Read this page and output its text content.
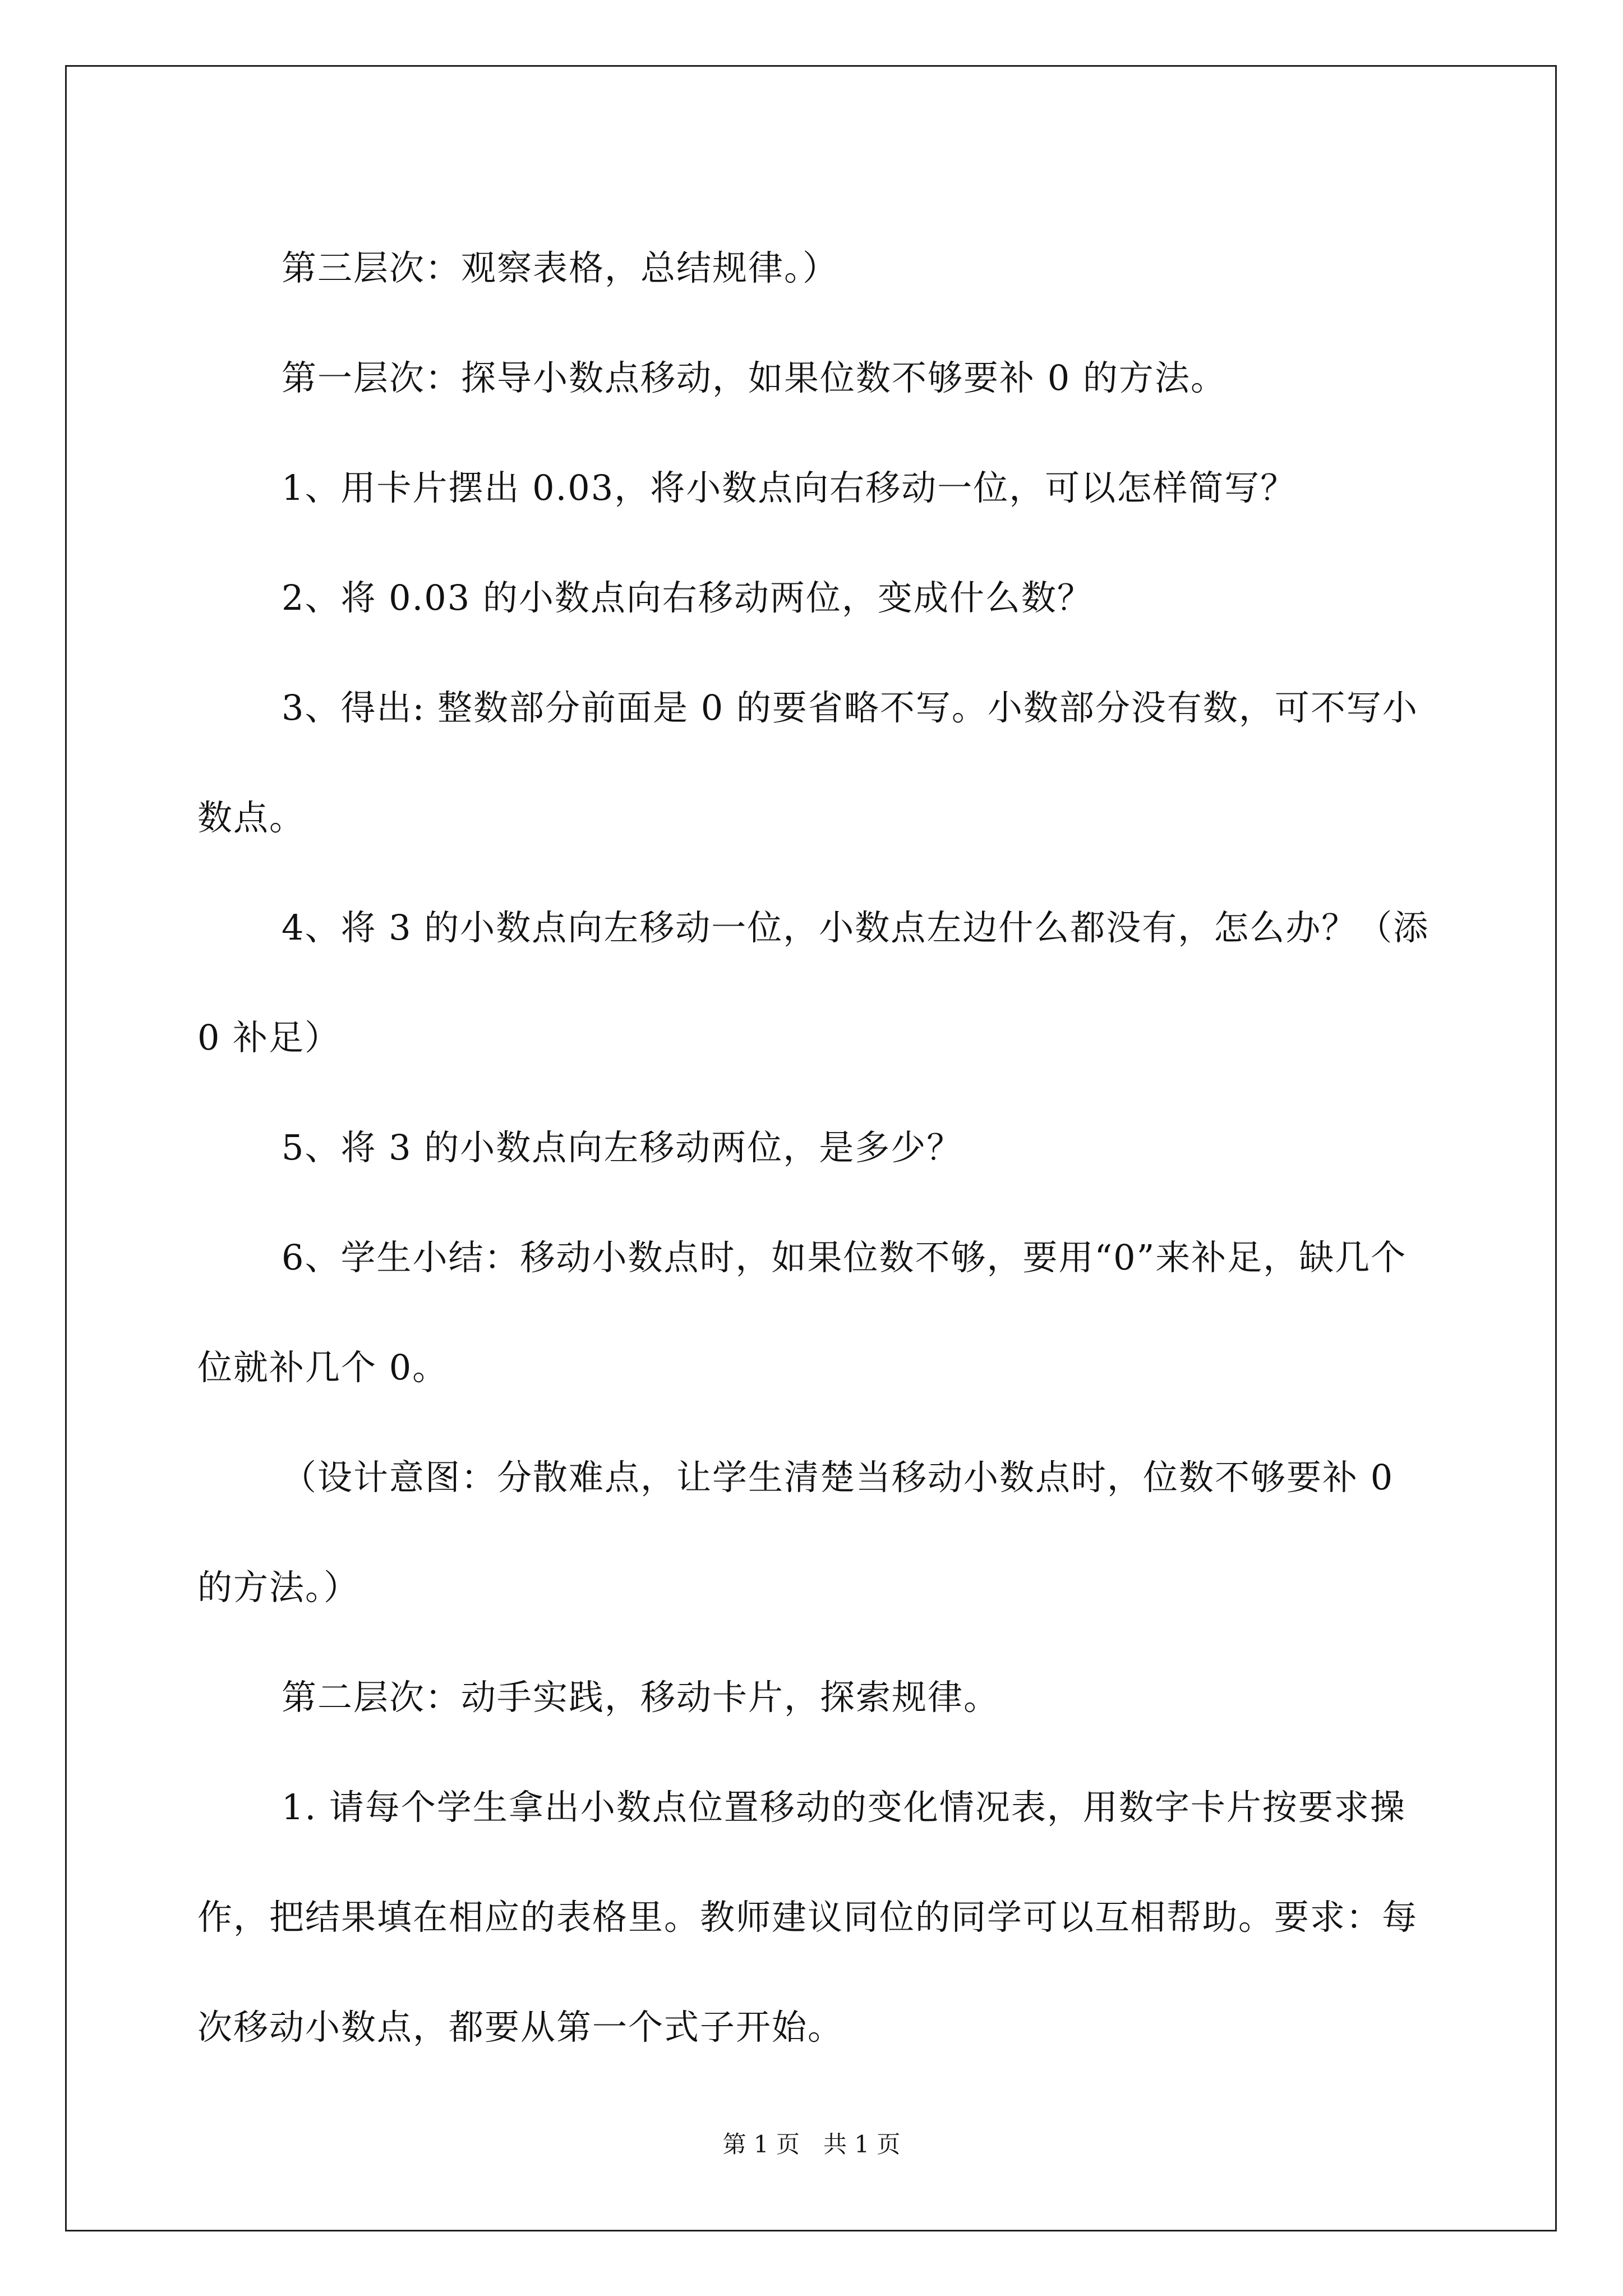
第三层次：观察表格，总结规律。）

第一层次：探导小数点移动，如果位数不够要补 0 的方法。

1、用卡片摆出 0.03，将小数点向右移动一位，可以怎样简写？

2、将 0.03 的小数点向右移动两位，变成什么数？

3、得出: 整数部分前面是 0 的要省略不写。小数部分没有数，可不写小数点。

4、将 3 的小数点向左移动一位，小数点左边什么都没有，怎么办？（添 0 补足）

5、将 3 的小数点向左移动两位，是多少？

6、学生小结：移动小数点时，如果位数不够，要用“0”来补足，缺几个位就补几个 0。

（设计意图：分散难点，让学生清楚当移动小数点时，位数不够要补 0 的方法。）

第二层次：动手实践，移动卡片，探索规律。

1. 请每个学生拿出小数点位置移动的变化情况表，用数字卡片按要求操作，把结果填在相应的表格里。教师建议同位的同学可以互相帮助。要求：每次移动小数点，都要从第一个式子开始。

第 1 页　共 1 页
